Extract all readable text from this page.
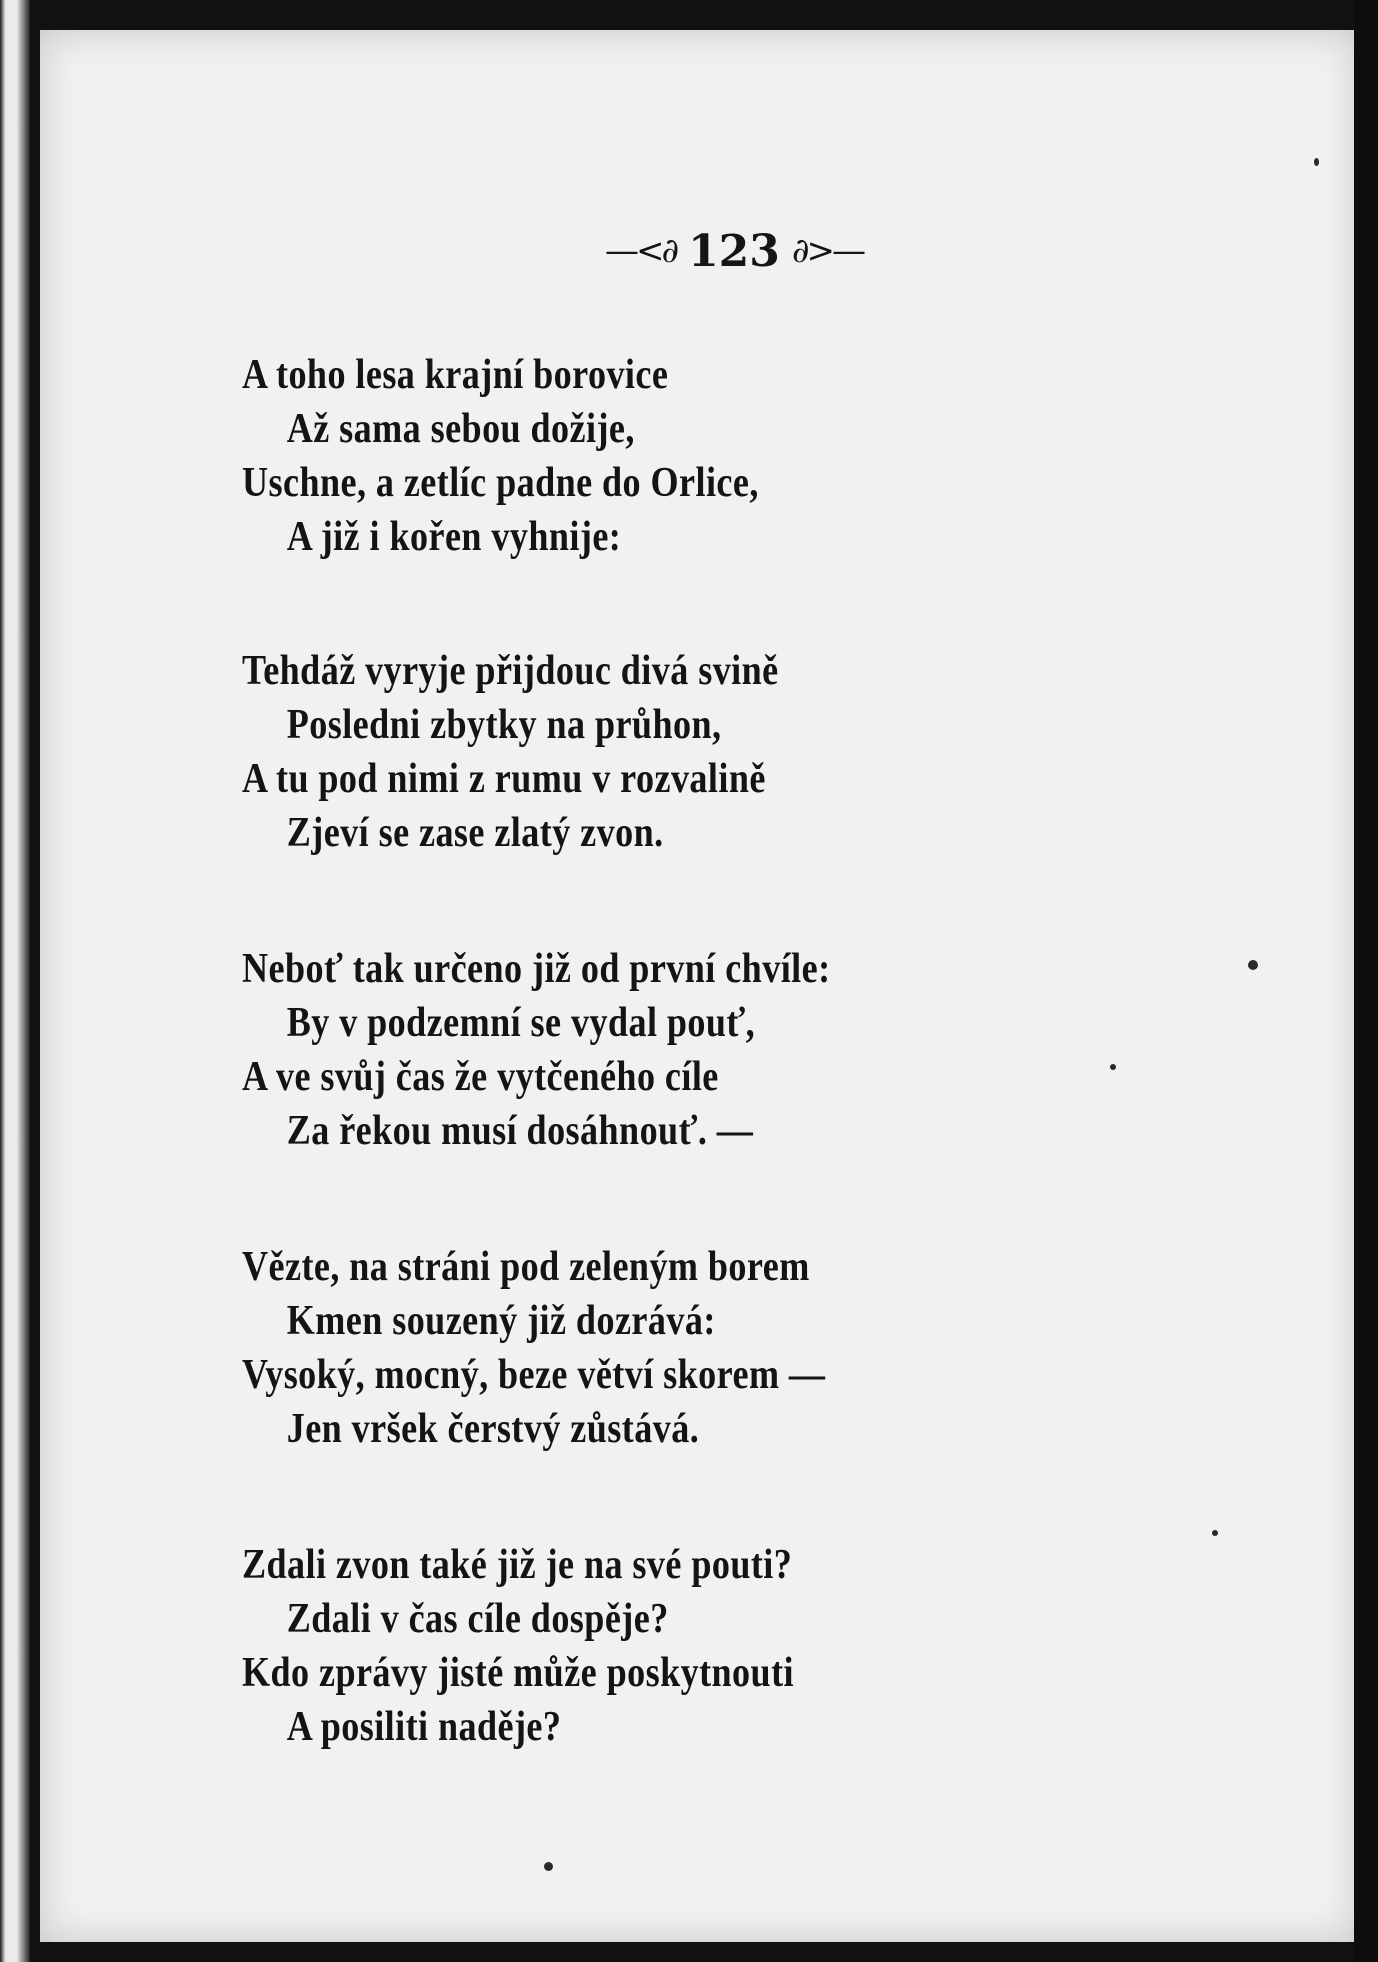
—<∂ 123 ∂>—
A toho lesa krajní borovice
Až sama sebou dožije,
Uschne, a zetlíc padne do Orlice,
A již i kořen vyhnije:
Tehdáž vyryje přijdouc divá svině
Posledni zbytky na průhon,
A tu pod nimi z rumu v rozvalině
Zjeví se zase zlatý zvon.
Neboť tak určeno již od první chvíle:
By v podzemní se vydal pouť,
A ve svůj čas že vytčeného cíle
Za řekou musí dosáhnouť. —
Vězte, na stráni pod zeleným borem
Kmen souzený již dozrává:
Vysoký, mocný, beze větví skorem —
Jen vršek čerstvý zůstává.
Zdali zvon také již je na své pouti?
Zdali v čas cíle dospěje?
Kdo zprávy jisté může poskytnouti
A posiliti naděje?
